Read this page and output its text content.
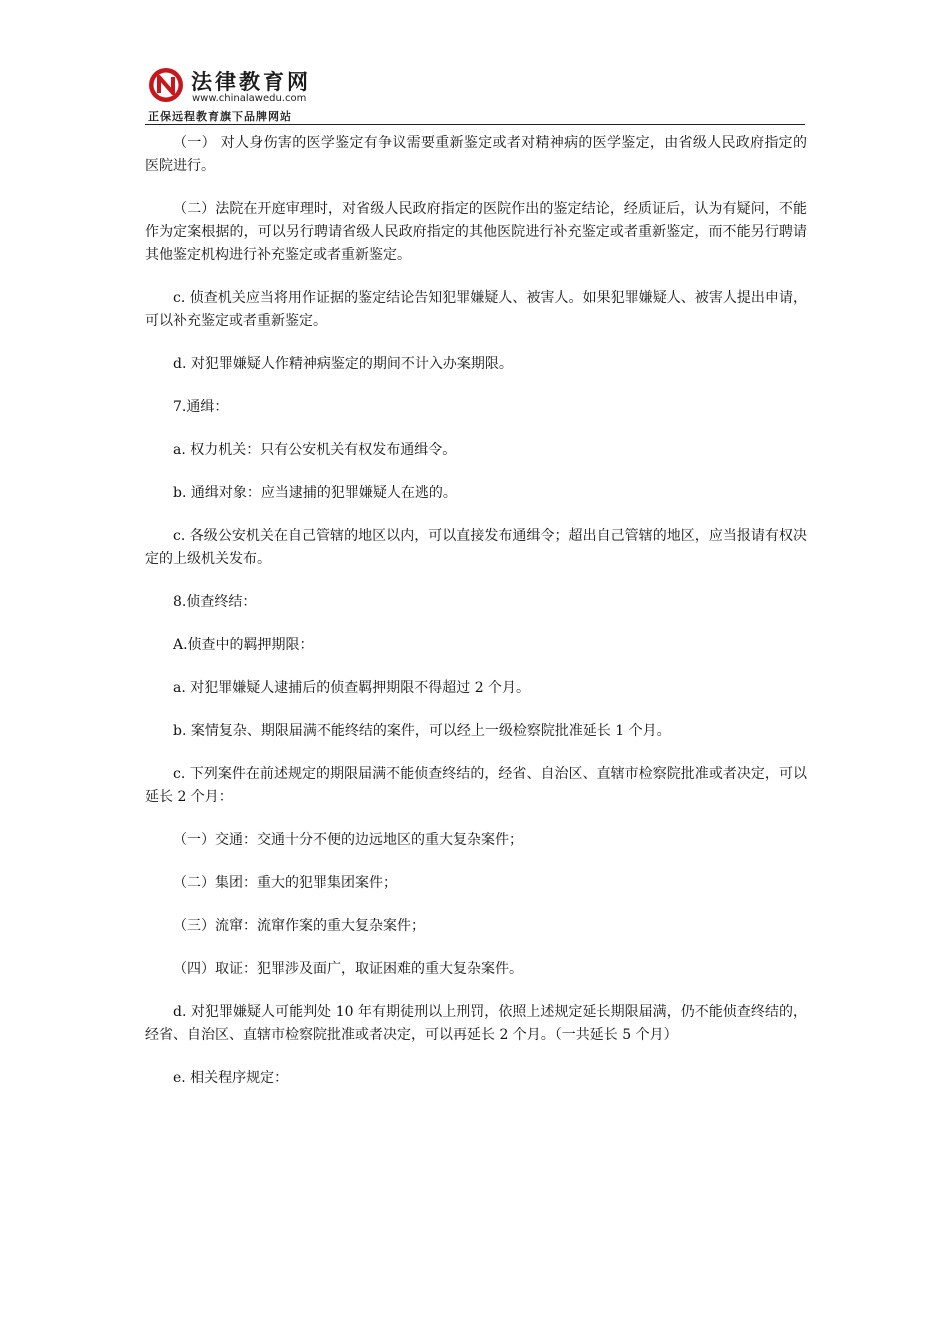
法律教育网
www.chinalawedu.com
正保远程教育旗下品牌网站

（一） 对人身伤害的医学鉴定有争议需要重新鉴定或者对精神病的医学鉴定，由省级人民政府指定的医院进行。

（二）法院在开庭审理时，对省级人民政府指定的医院作出的鉴定结论，经质证后，认为有疑问，不能作为定案根据的，可以另行聘请省级人民政府指定的其他医院进行补充鉴定或者重新鉴定，而不能另行聘请其他鉴定机构进行补充鉴定或者重新鉴定。

c. 侦查机关应当将用作证据的鉴定结论告知犯罪嫌疑人、被害人。如果犯罪嫌疑人、被害人提出申请，可以补充鉴定或者重新鉴定。

d. 对犯罪嫌疑人作精神病鉴定的期间不计入办案期限。

7.通缉：

a. 权力机关：只有公安机关有权发布通缉令。

b. 通缉对象：应当逮捕的犯罪嫌疑人在逃的。

c. 各级公安机关在自己管辖的地区以内，可以直接发布通缉令；超出自己管辖的地区，应当报请有权决定的上级机关发布。

8.侦查终结：

A.侦查中的羁押期限：

a. 对犯罪嫌疑人逮捕后的侦查羁押期限不得超过 2 个月。

b. 案情复杂、期限届满不能终结的案件，可以经上一级检察院批准延长 1 个月。

c. 下列案件在前述规定的期限届满不能侦查终结的，经省、自治区、直辖市检察院批准或者决定，可以延长 2 个月：

（一）交通：交通十分不便的边远地区的重大复杂案件；

（二）集团：重大的犯罪集团案件；

（三）流窜：流窜作案的重大复杂案件；

（四）取证：犯罪涉及面广，取证困难的重大复杂案件。

d. 对犯罪嫌疑人可能判处 10 年有期徒刑以上刑罚，依照上述规定延长期限届满，仍不能侦查终结的，经省、自治区、直辖市检察院批准或者决定，可以再延长 2 个月。（一共延长 5 个月）

e. 相关程序规定：
